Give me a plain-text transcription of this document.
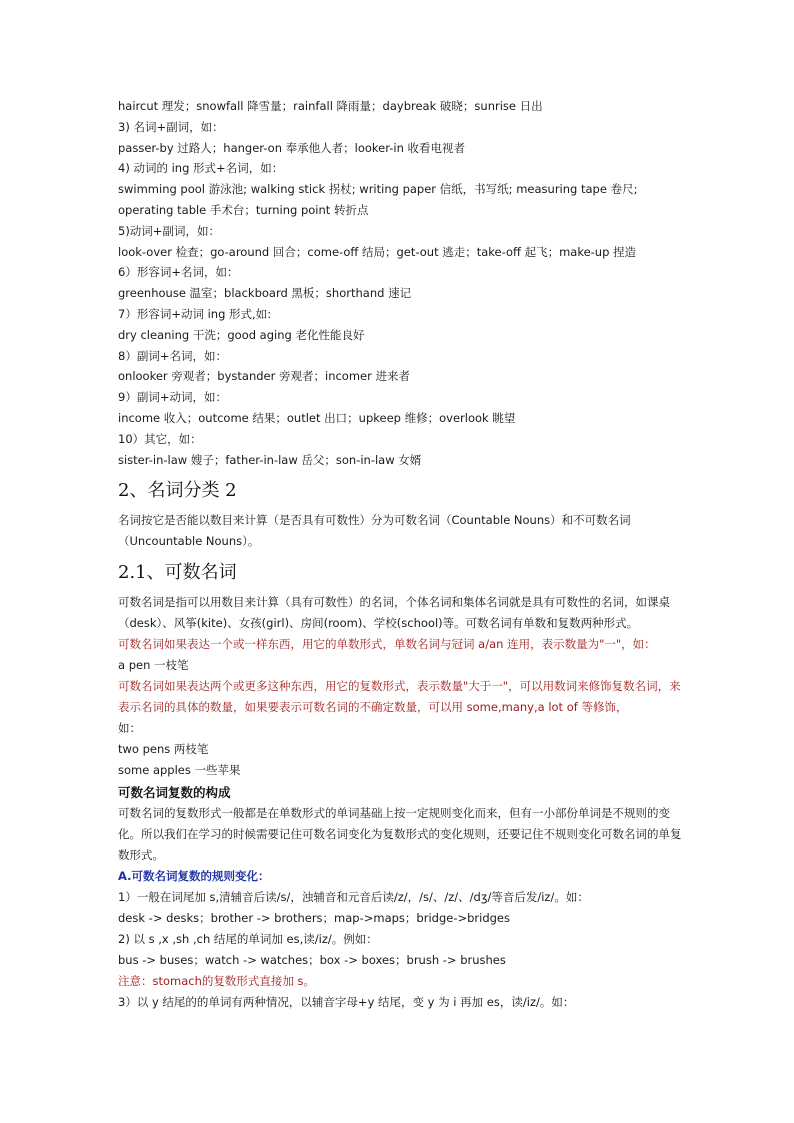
haircut 理发；snowfall 降雪量；rainfall 降雨量；daybreak 破晓；sunrise 日出

3) 名词+副词，如：

passer-by 过路人；hanger-on 奉承他人者；looker-in 收看电视者

4) 动词的 ing 形式+名词，如：

swimming pool 游泳池; walking stick 拐杖; writing paper 信纸，书写纸; measuring tape 卷尺; operating table 手术台；turning point 转折点

5)动词+副词，如：

look-over 检查；go-around 回合；come-off 结局；get-out 逃走；take-off 起飞；make-up 捏造

6）形容词+名词，如：

greenhouse 温室；blackboard 黑板；shorthand 速记

7）形容词+动词 ing 形式,如:

dry cleaning 干洗；good aging 老化性能良好

8）副词+名词，如：

onlooker 旁观者；bystander 旁观者；incomer 进来者

9）副词+动词，如：

income 收入；outcome 结果；outlet 出口；upkeep 维修；overlook 眺望

10）其它，如：

sister-in-law 嫂子；father-in-law 岳父；son-in-law 女婿

2、名词分类 2

名词按它是否能以数目来计算（是否具有可数性）分为可数名词（Countable Nouns）和不可数名词（Uncountable Nouns）。

2.1、可数名词

可数名词是指可以用数目来计算（具有可数性）的名词，个体名词和集体名词就是具有可数性的名词，如课桌（desk）、风筝(kite)、女孩(girl)、房间(room)、学校(school)等。可数名词有单数和复数两种形式。

可数名词如果表达一个或一样东西，用它的单数形式，单数名词与冠词 a/an 连用，表示数量为"一"，如：

a pen 一枝笔

可数名词如果表达两个或更多这种东西，用它的复数形式，表示数量"大于一"，可以用数词来修饰复数名词，来表示名词的具体的数量，如果要表示可数名词的不确定数量，可以用 some,many,a lot of 等修饰，

如：

two pens 两枝笔

some apples 一些苹果

可数名词复数的构成

可数名词的复数形式一般都是在单数形式的单词基础上按一定规则变化而来，但有一小部份单词是不规则的变化。所以我们在学习的时候需要记住可数名词变化为复数形式的变化规则，还要记住不规则变化可数名词的单复数形式。

A.可数名词复数的规则变化：

1）一般在词尾加 s,清辅音后读/s/，浊辅音和元音后读/z/，/s/、/z/、/dʒ/等音后发/iz/。如：

desk -> desks；brother -> brothers；map->maps；bridge->bridges

2) 以 s ,x ,sh ,ch 结尾的单词加 es,读/iz/。例如：

bus -> buses；watch -> watches；box -> boxes；brush -> brushes

注意：stomach的复数形式直接加 s。

3）以 y 结尾的的单词有两种情况，以辅音字母+y 结尾，变 y 为 i 再加 es，读/iz/。如：
